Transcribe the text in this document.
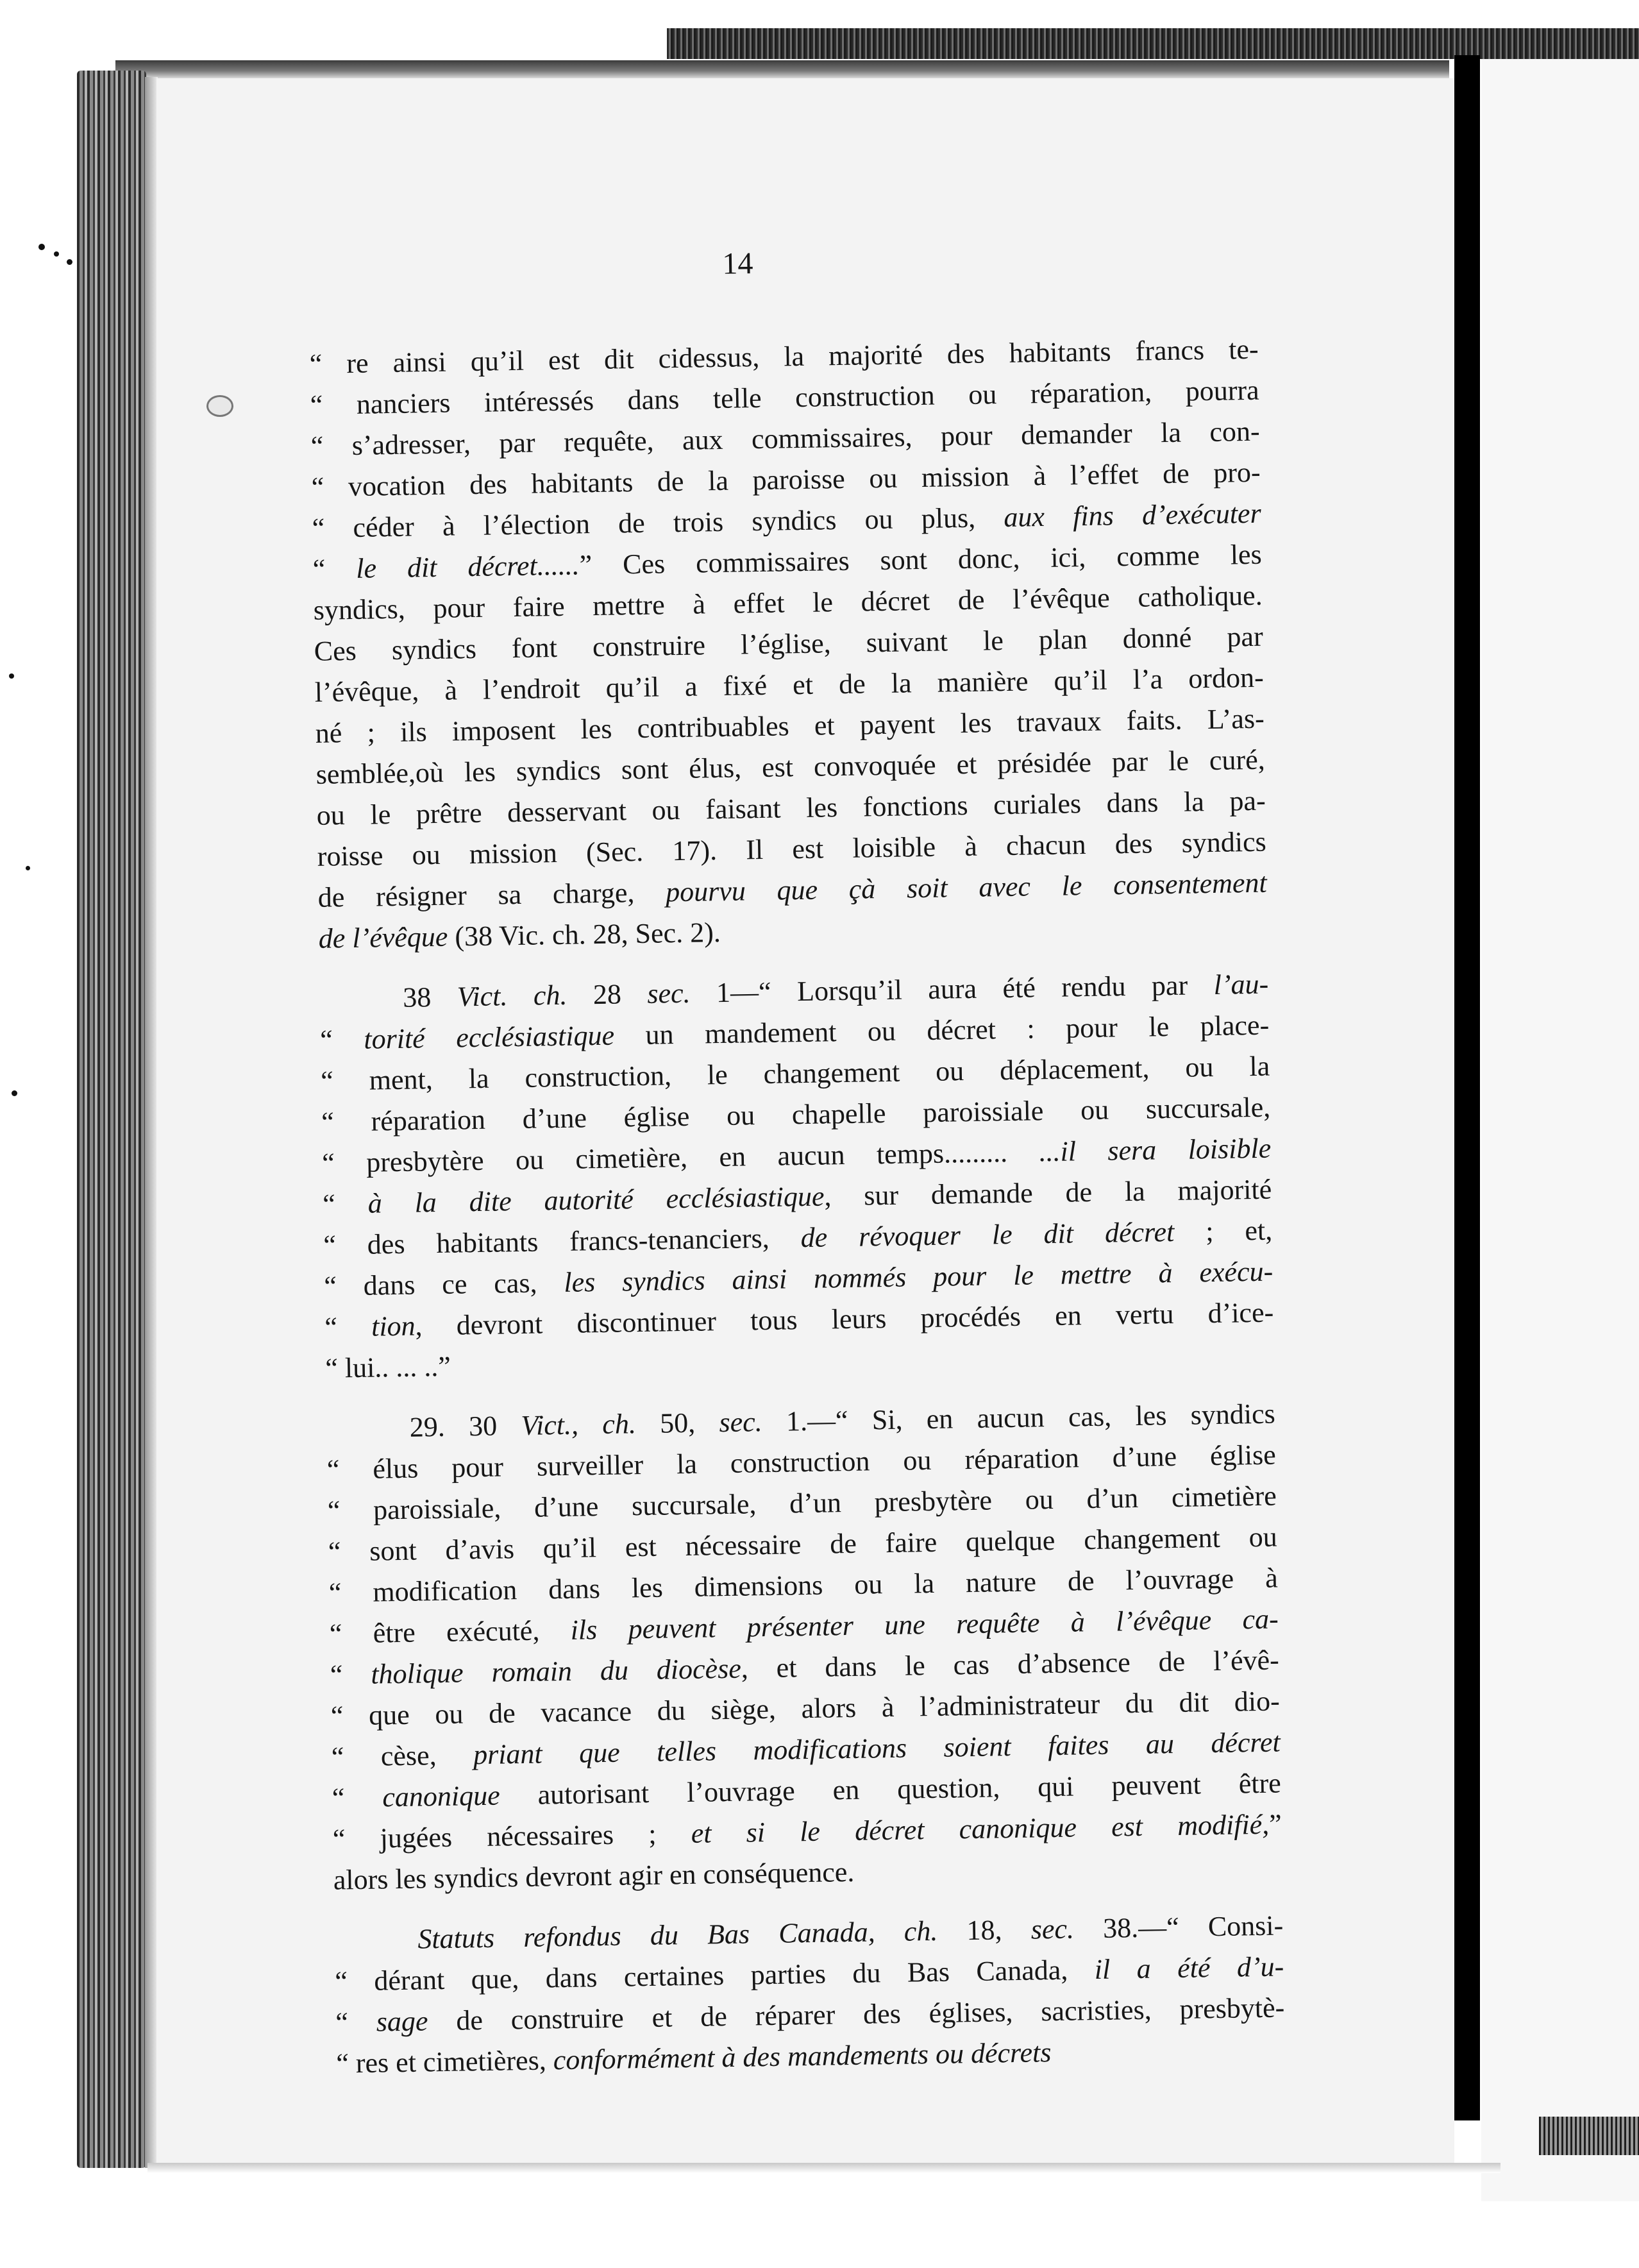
14
“ re ainsi qu’il est dit cidessus, la majorité des habitants francs te-
“ nanciers intéressés dans telle construction ou réparation, pourra
“ s’adresser, par requête, aux commissaires, pour demander la con-
“ vocation des habitants de la paroisse ou mission à l’effet de pro-
“ céder à l’élection de trois syndics ou plus, aux fins d’exécuter
“ le dit décret......” Ces commissaires sont donc, ici, comme les
syndics, pour faire mettre à effet le décret de l’évêque catholique.
Ces syndics font construire l’église, suivant le plan donné par
l’évêque, à l’endroit qu’il a fixé et de la manière qu’il l’a ordon-
né ; ils imposent les contribuables et payent les travaux faits. L’as-
semblée,où les syndics sont élus, est convoquée et présidée par le curé,
ou le prêtre desservant ou faisant les fonctions curiales dans la pa-
roisse ou mission (Sec. 17). Il est loisible à chacun des syndics
de résigner sa charge, pourvu que çà soit avec le consentement
de l’évêque (38 Vic. ch. 28, Sec. 2).
38 Vict. ch. 28 sec. 1—“ Lorsqu’il aura été rendu par l’au-
“ torité ecclésiastique un mandement ou décret : pour le place-
“ ment, la construction, le changement ou déplacement, ou la
“ réparation d’une église ou chapelle paroissiale ou succursale,
“ presbytère ou cimetière, en aucun temps......... ...il sera loisible
“ à la dite autorité ecclésiastique, sur demande de la majorité
“ des habitants francs-tenanciers, de révoquer le dit décret ; et,
“ dans ce cas, les syndics ainsi nommés pour le mettre à exécu-
“ tion, devront discontinuer tous leurs procédés en vertu d’ice-
“ lui.. ... ..”
29. 30 Vict., ch. 50, sec. 1.—“ Si, en aucun cas, les syndics
“ élus pour surveiller la construction ou réparation d’une église
“ paroissiale, d’une succursale, d’un presbytère ou d’un cimetière
“ sont d’avis qu’il est nécessaire de faire quelque changement ou
“ modification dans les dimensions ou la nature de l’ouvrage à
“ être exécuté, ils peuvent présenter une requête à l’évêque ca-
“ tholique romain du diocèse, et dans le cas d’absence de l’évê-
“ que ou de vacance du siège, alors à l’administrateur du dit dio-
“ cèse, priant que telles modifications soient faites au décret
“ canonique autorisant l’ouvrage en question, qui peuvent être
“ jugées nécessaires ; et si le décret canonique est modifié,”
alors les syndics devront agir en conséquence.
Statuts refondus du Bas Canada, ch. 18, sec. 38.—“ Consi-
“ dérant que, dans certaines parties du Bas Canada, il a été d’u-
“ sage de construire et de réparer des églises, sacristies, presbytè-
“ res et cimetières, conformément à des mandements ou décrets
